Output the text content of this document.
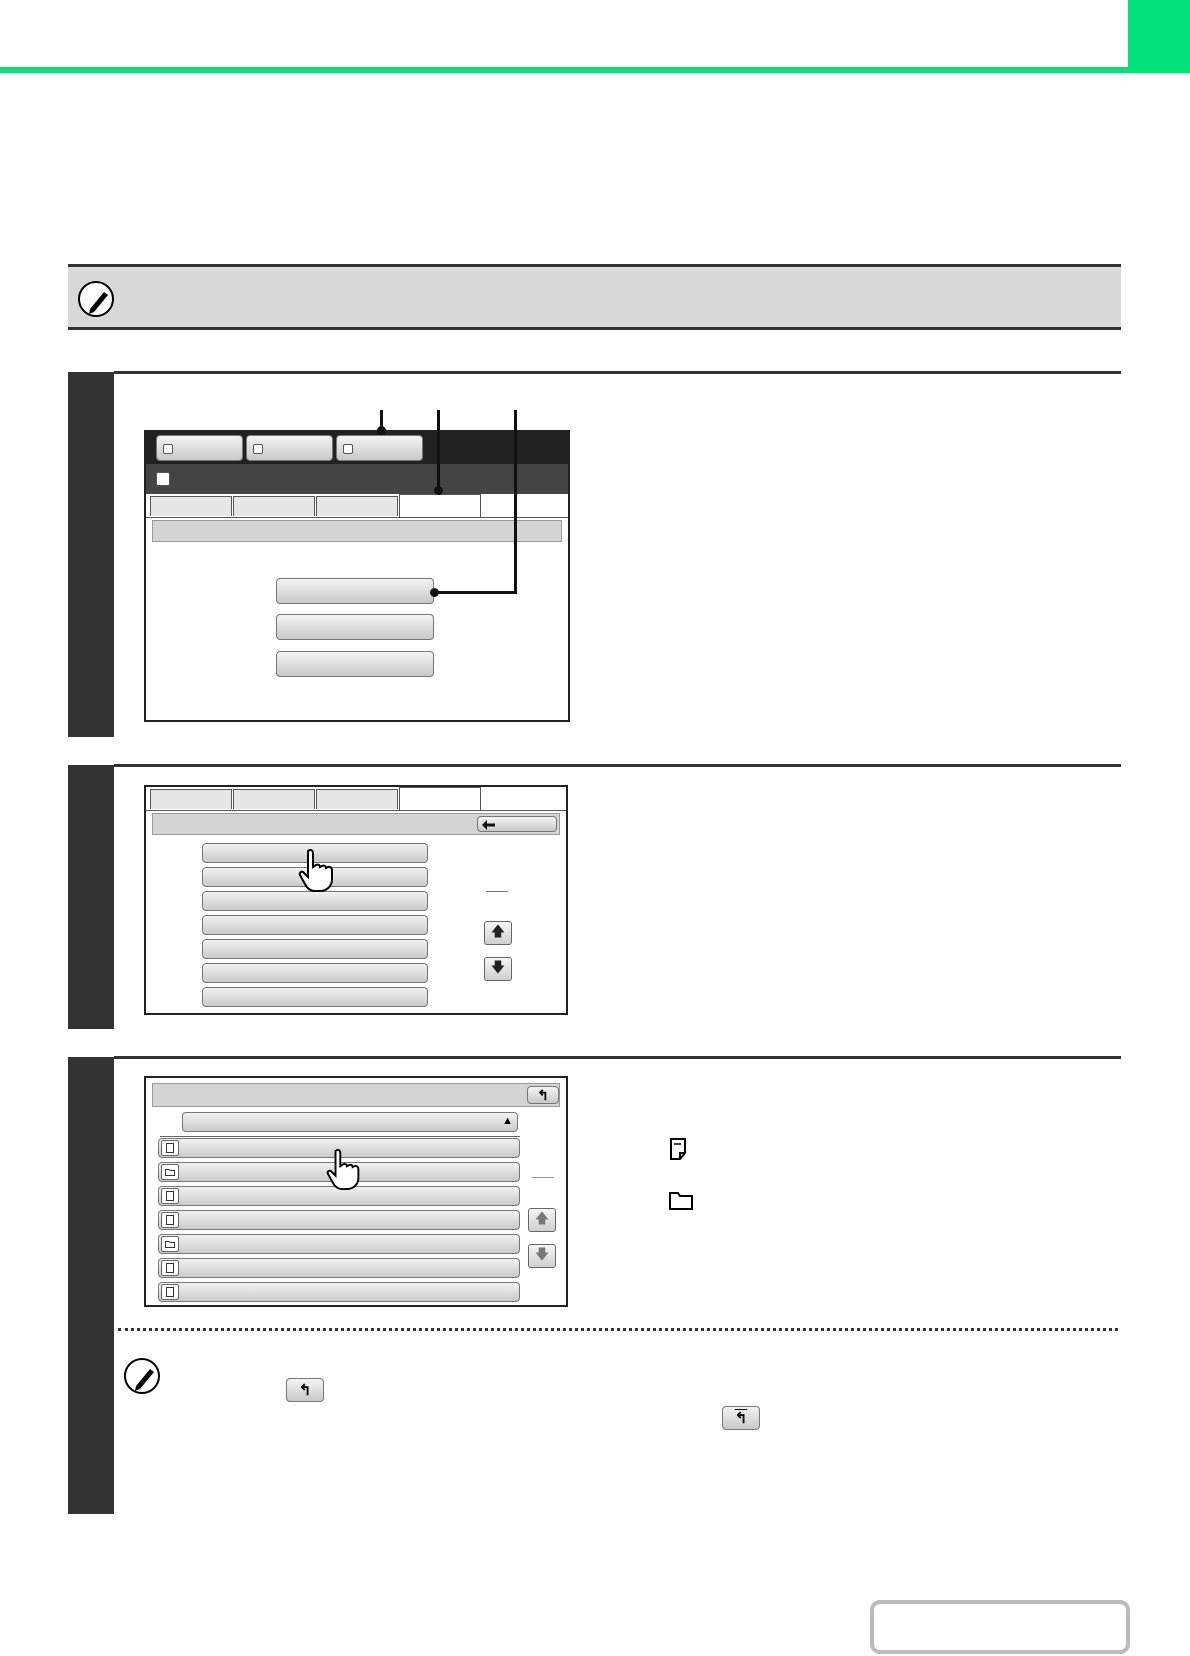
🡅
🡇
↰
▲
🡅
🡇
↰
↰
